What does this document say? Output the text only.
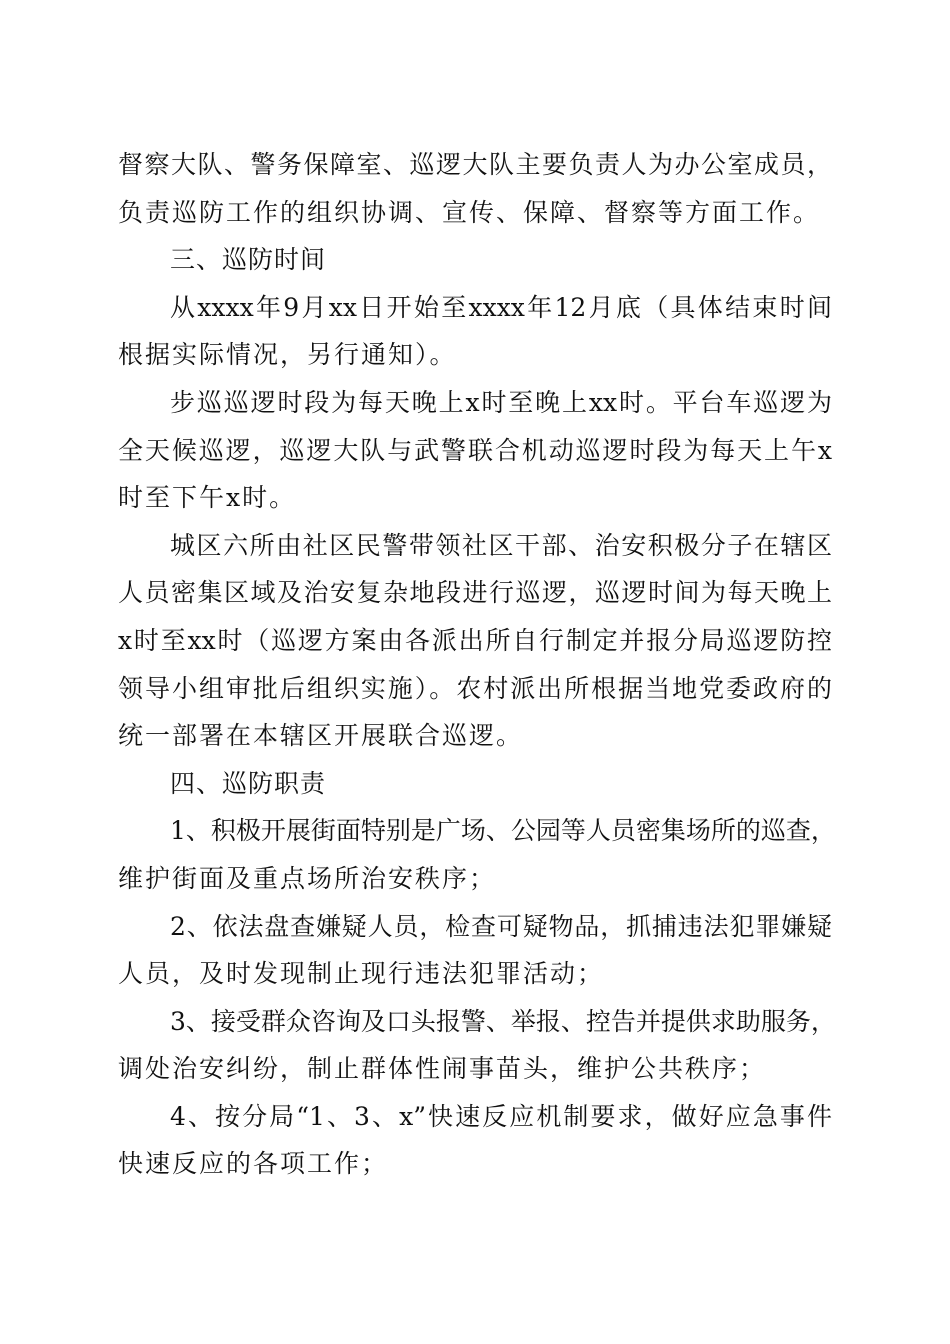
督察大队、警务保障室、巡逻大队主要负责人为办公室成员，
负责巡防工作的组织协调、宣传、保障、督察等方面工作。
三、巡防时间
从xxxx年9月xx日开始至xxxx年12月底（具体结束时间
根据实际情况，另行通知）。
步巡巡逻时段为每天晚上x时至晚上xx时。平台车巡逻为
全天候巡逻，巡逻大队与武警联合机动巡逻时段为每天上午x
时至下午x时。
城区六所由社区民警带领社区干部、治安积极分子在辖区
人员密集区域及治安复杂地段进行巡逻，巡逻时间为每天晚上
x时至xx时（巡逻方案由各派出所自行制定并报分局巡逻防控
领导小组审批后组织实施）。农村派出所根据当地党委政府的
统一部署在本辖区开展联合巡逻。
四、巡防职责
1、积极开展街面特别是广场、公园等人员密集场所的巡查，
维护街面及重点场所治安秩序；
2、依法盘查嫌疑人员，检查可疑物品，抓捕违法犯罪嫌疑
人员，及时发现制止现行违法犯罪活动；
3、接受群众咨询及口头报警、举报、控告并提供求助服务，
调处治安纠纷，制止群体性闹事苗头，维护公共秩序；
4、按分局“1、3、x”快速反应机制要求，做好应急事件
快速反应的各项工作；
